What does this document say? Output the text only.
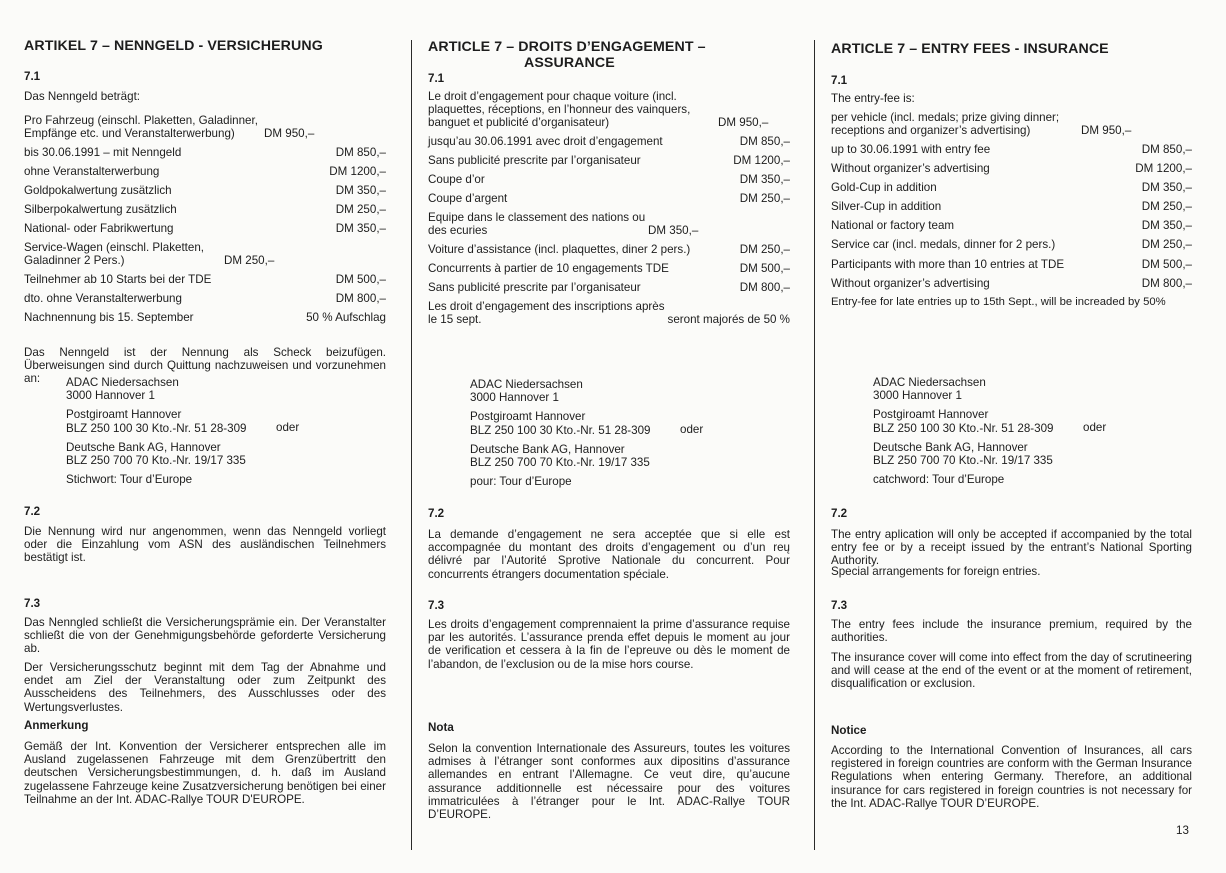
ARTIKEL 7 – NENNGELD - VERSICHERUNG
7.1
Das Nenngeld beträgt:
Pro Fahrzeug (einschl. Plaketten, Galadinner, Empfänge etc. und Veranstalterwerbung)	DM 950,–
bis 30.06.1991 – mit Nenngeld	DM 850,–
ohne Veranstalterwerbung	DM 1200,–
Goldpokalwertung zusätzlich	DM 350,–
Silberpokalwertung zusätzlich	DM 250,–
National- oder Fabrikwertung	DM 350,–
Service-Wagen (einschl. Plaketten, Galadinner 2 Pers.)	DM 250,–
Teilnehmer ab 10 Starts bei der TDE	DM 500,–
dto. ohne Veranstalterwerbung	DM 800,–
Nachnennung bis 15. September	50 % Aufschlag
Das Nenngeld ist der Nennung als Scheck beizufügen. Überweisungen sind durch Quittung nachzuweisen und vorzunehmen an:	ADAC Niedersachsen
3000 Hannover 1
Postgiroamt Hannover
BLZ 250 100 30 Kto.-Nr. 51 28-309
Deutsche Bank AG, Hannover
BLZ 250 700 70 Kto.-Nr. 19/17 335
Stichwort: Tour d’Europe
oder
7.2
Die Nennung wird nur angenommen, wenn das Nenngeld vorliegt oder die Einzahlung vom ASN des ausländischen Teilnehmers bestätigt ist.
7.3
Das Nenngled schließt die Versicherungsprämie ein. Der Veranstalter schließt die von der Genehmigungsbehörde geforderte Versicherung ab.
Der Versicherungsschutz beginnt mit dem Tag der Abnahme und endet am Ziel der Veranstaltung oder zum Zeitpunkt des Ausscheidens des Teilnehmers, des Ausschlusses oder des Wertungsverlustes.
Anmerkung
Gemäß der Int. Konvention der Versicherer entsprechen alle im Ausland zugelassenen Fahrzeuge mit dem Grenzübertritt den deutschen Versicherungsbestimmungen, d. h. daß im Ausland zugelassene Fahrzeuge keine Zusatzversicherung benötigen bei einer Teilnahme an der Int. ADAC-Rallye TOUR D'EUROPE.
ARTICLE 7 – DROITS D’ENGAGEMENT –
ASSURANCE
7.1
Le droit d’engagement pour chaque voiture (incl. plaquettes, réceptions, en l’honneur des vainquers, banguet et publicité d’organisateur)	DM 950,–
jusqu’au 30.06.1991 avec droit d’engagement	DM 850,–
Sans publicité prescrite par l’organisateur	DM 1200,–
Coupe d’or	DM 350,–
Coupe d’argent	DM 250,–
Equipe dans le classement des nations ou des ecuries	DM 350,–
Voiture d’assistance (incl. plaquettes, diner 2 pers.)	DM 250,–
Concurrents à partier de 10 engagements TDE	DM 500,–
Sans publicité prescrite par l’organisateur	DM 800,–
Les droit d’engagement des inscriptions après
le 15 sept.	seront majorés de 50 %
ADAC Niedersachsen
3000 Hannover 1
Postgiroamt Hannover
BLZ 250 100 30 Kto.-Nr. 51 28-309
Deutsche Bank AG, Hannover
BLZ 250 700 70 Kto.-Nr. 19/17 335
pour: Tour d’Europe
oder
7.2
La demande d’engagement ne sera acceptée que si elle est accompagnée du montant des droits d’engagement ou d’un reų délivré par l’Autorité Sprotive Nationale du concurrent. Pour concurrents étrangers documentation spéciale.
7.3
Les droits d’engagement comprennaient la prime d’assurance requise par les autorités. L’assurance prenda effet depuis le moment au jour de verification et cessera à la fin de l’epreuve ou dès le moment de l’abandon, de l’exclusion ou de la mise hors course.
Nota
Selon la convention Internationale des Assureurs, toutes les voitures admises à l’étranger sont conformes aux dipositins d’assurance allemandes en entrant l’Allemagne. Ce veut dire, qu’aucune assurance additionnelle est nécessaire pour des voitures immatriculées à l’étranger pour le Int. ADAC-Rallye TOUR D’EUROPE.
ARTICLE 7 – ENTRY FEES - INSURANCE
7.1
The entry-fee is:
per vehicle (incl. medals; prize giving dinner; receptions and organizer’s advertising)	DM 950,–
up to 30.06.1991 with entry fee	DM 850,–
Without organizer’s advertising	DM 1200,–
Gold-Cup in addition	DM 350,–
Silver-Cup in addition	DM 250,–
National or factory team	DM 350,–
Service car (incl. medals, dinner for 2 pers.)	DM 250,–
Participants with more than 10 entries at TDE	DM 500,–
Without organizer’s advertising	DM 800,–
Entry-fee for late entries up to 15th Sept., will be increaded by 50%
ADAC Niedersachsen
3000 Hannover 1
Postgiroamt Hannover
BLZ 250 100 30 Kto.-Nr. 51 28-309
Deutsche Bank AG, Hannover
BLZ 250 700 70 Kto.-Nr. 19/17 335
catchword: Tour d’Europe
oder
7.2
The entry aplication will only be accepted if accompanied by the total entry fee or by a receipt issued by the entrant’s National Sporting Authority.
Special arrangements for foreign entries.
7.3
The entry fees include the insurance premium, required by the authorities.
The insurance cover will come into effect from the day of scrutineering and will cease at the end of the event or at the moment of retirement, disqualification or exclusion.
Notice
According to the International Convention of Insurances, all cars registered in foreign countries are conform with the German Insurance Regulations when entering Germany. Therefore, an additional insurance for cars registered in foreign countries is not necessary for the Int. ADAC-Rallye TOUR D’EUROPE.
13
